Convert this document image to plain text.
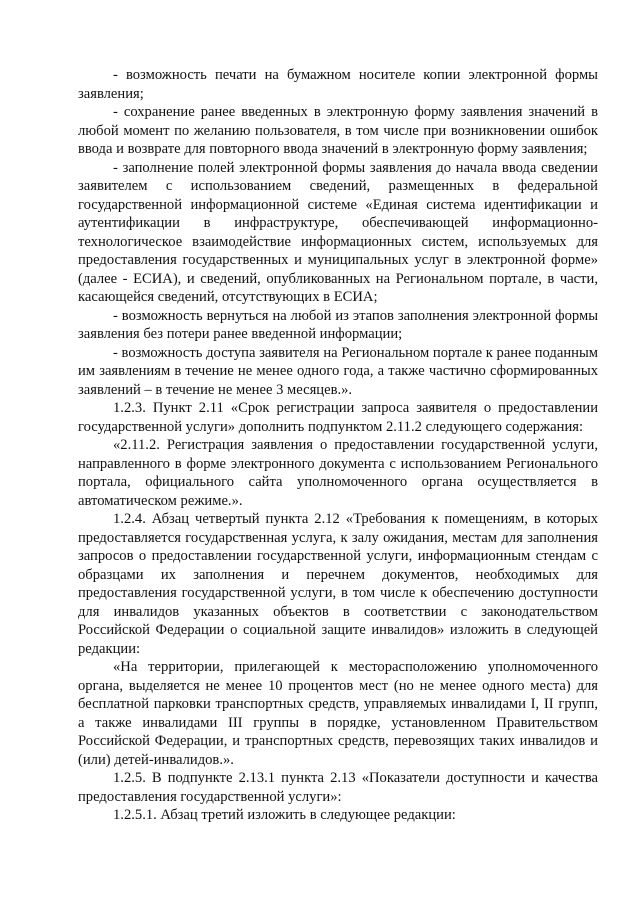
- возможность печати на бумажном носителе копии электронной формы заявления;

- сохранение ранее введенных в электронную форму заявления значений в любой момент по желанию пользователя, в том числе при возникновении ошибок ввода и возврате для повторного ввода значений в электронную форму заявления;

- заполнение полей электронной формы заявления до начала ввода сведении заявителем с использованием сведений, размещенных в федеральной государственной информационной системе «Единая система идентификации и аутентификации в инфраструктуре, обеспечивающей информационно-технологическое взаимодействие информационных систем, используемых для предоставления государственных и муниципальных услуг в электронной форме» (далее - ЕСИА), и сведений, опубликованных на Региональном портале, в части, касающейся сведений, отсутствующих в ЕСИА;

- возможность вернуться на любой из этапов заполнения электронной формы заявления без потери ранее введенной информации;

- возможность доступа заявителя на Региональном портале к ранее поданным им заявлениям в течение не менее одного года, а также частично сформированных заявлений – в течение не менее 3 месяцев.».

1.2.3. Пункт 2.11 «Срок регистрации запроса заявителя о предоставлении государственной услуги» дополнить подпунктом 2.11.2 следующего содержания:

«2.11.2. Регистрация заявления о предоставлении государственной услуги, направленного в форме электронного документа с использованием Регионального портала, официального сайта уполномоченного органа осуществляется в автоматическом режиме.».

1.2.4. Абзац четвертый пункта 2.12 «Требования к помещениям, в которых предоставляется государственная услуга, к залу ожидания, местам для заполнения запросов о предоставлении государственной услуги, информационным стендам с образцами их заполнения и перечнем документов, необходимых для предоставления государственной услуги, в том числе к обеспечению доступности для инвалидов указанных объектов в соответствии с законодательством Российской Федерации о социальной защите инвалидов» изложить в следующей редакции:

«На территории, прилегающей к месторасположению уполномоченного органа, выделяется не менее 10 процентов мест (но не менее одного места) для бесплатной парковки транспортных средств, управляемых инвалидами I, II групп, а также инвалидами III группы в порядке, установленном Правительством Российской Федерации, и транспортных средств, перевозящих таких инвалидов и (или) детей-инвалидов.».

1.2.5. В подпункте 2.13.1 пункта 2.13 «Показатели доступности и качества предоставления государственной услуги»:

1.2.5.1. Абзац третий изложить в следующее редакции:
